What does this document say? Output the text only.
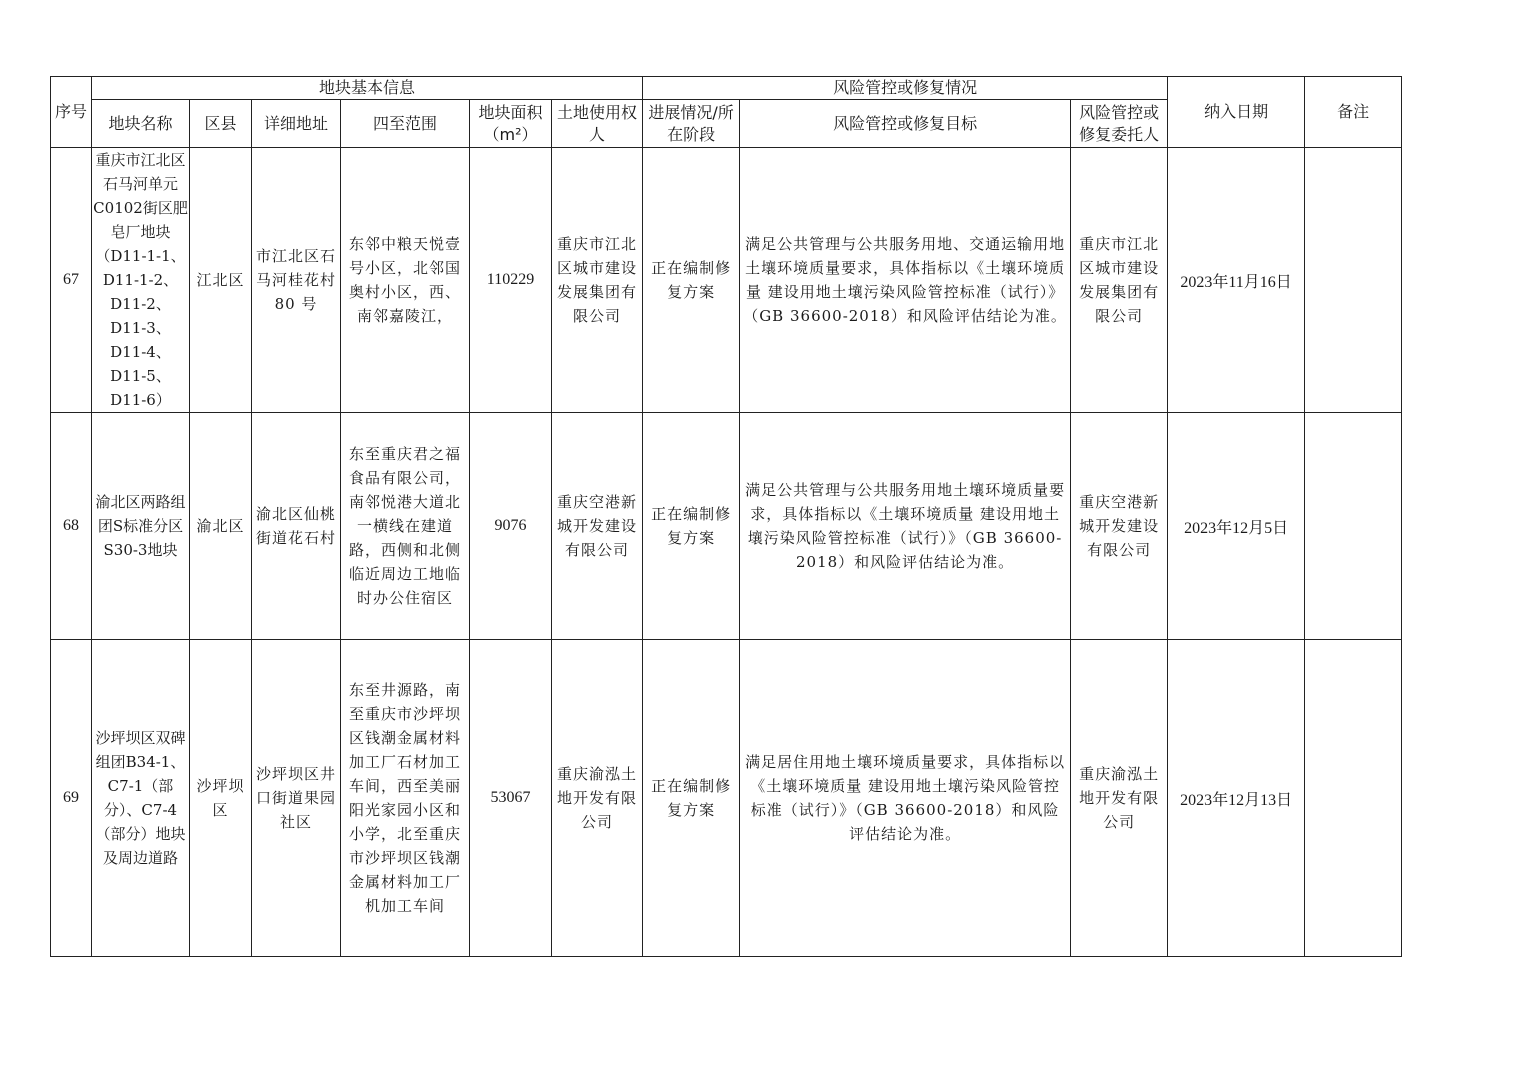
序号	地块基本信息						风险管控或修复情况			纳入日期	备注
	地块名称	区县	详细地址	四至范围	地块面积（m²）	土地使用权人	进展情况/所在阶段	风险管控或修复目标	风险管控或修复委托人		
67	重庆市江北区石马河单元C0102街区肥皂厂地块（D11-1-1、D11-1-2、D11-2、D11-3、D11-4、D11-5、D11-6）	江北区	市江北区石马河桂花村 80 号	东邻中粮天悦壹号小区，北邻国奥村小区，西、南邻嘉陵江，	110229	重庆市江北区城市建设发展集团有限公司	正在编制修复方案	满足公共管理与公共服务用地、交通运输用地土壤环境质量要求，具体指标以《土壤环境质量 建设用地土壤污染风险管控标准（试行）》（GB 36600-2018）和风险评估结论为准。	重庆市江北区城市建设发展集团有限公司	2023年11月16日	
68	渝北区两路组团S标准分区S30-3地块	渝北区	渝北区仙桃街道花石村	东至重庆君之福食品有限公司，南邻悦港大道北一横线在建道路，西侧和北侧临近周边工地临时办公住宿区	9076	重庆空港新城开发建设有限公司	正在编制修复方案	满足公共管理与公共服务用地土壤环境质量要求，具体指标以《土壤环境质量 建设用地土壤污染风险管控标准（试行）》（GB 36600-2018）和风险评估结论为准。	重庆空港新城开发建设有限公司	2023年12月5日	
69	沙坪坝区双碑组团B34-1、C7-1（部分）、C7-4（部分）地块及周边道路	沙坪坝区	沙坪坝区井口街道果园社区	东至井源路，南至重庆市沙坪坝区钱潮金属材料加工厂石材加工车间，西至美丽阳光家园小区和小学，北至重庆市沙坪坝区钱潮金属材料加工厂机加工车间	53067	重庆渝泓土地开发有限公司	正在编制修复方案	满足居住用地土壤环境质量要求，具体指标以《土壤环境质量 建设用地土壤污染风险管控标准（试行）》（GB 36600-2018）和风险评估结论为准。	重庆渝泓土地开发有限公司	2023年12月13日	
